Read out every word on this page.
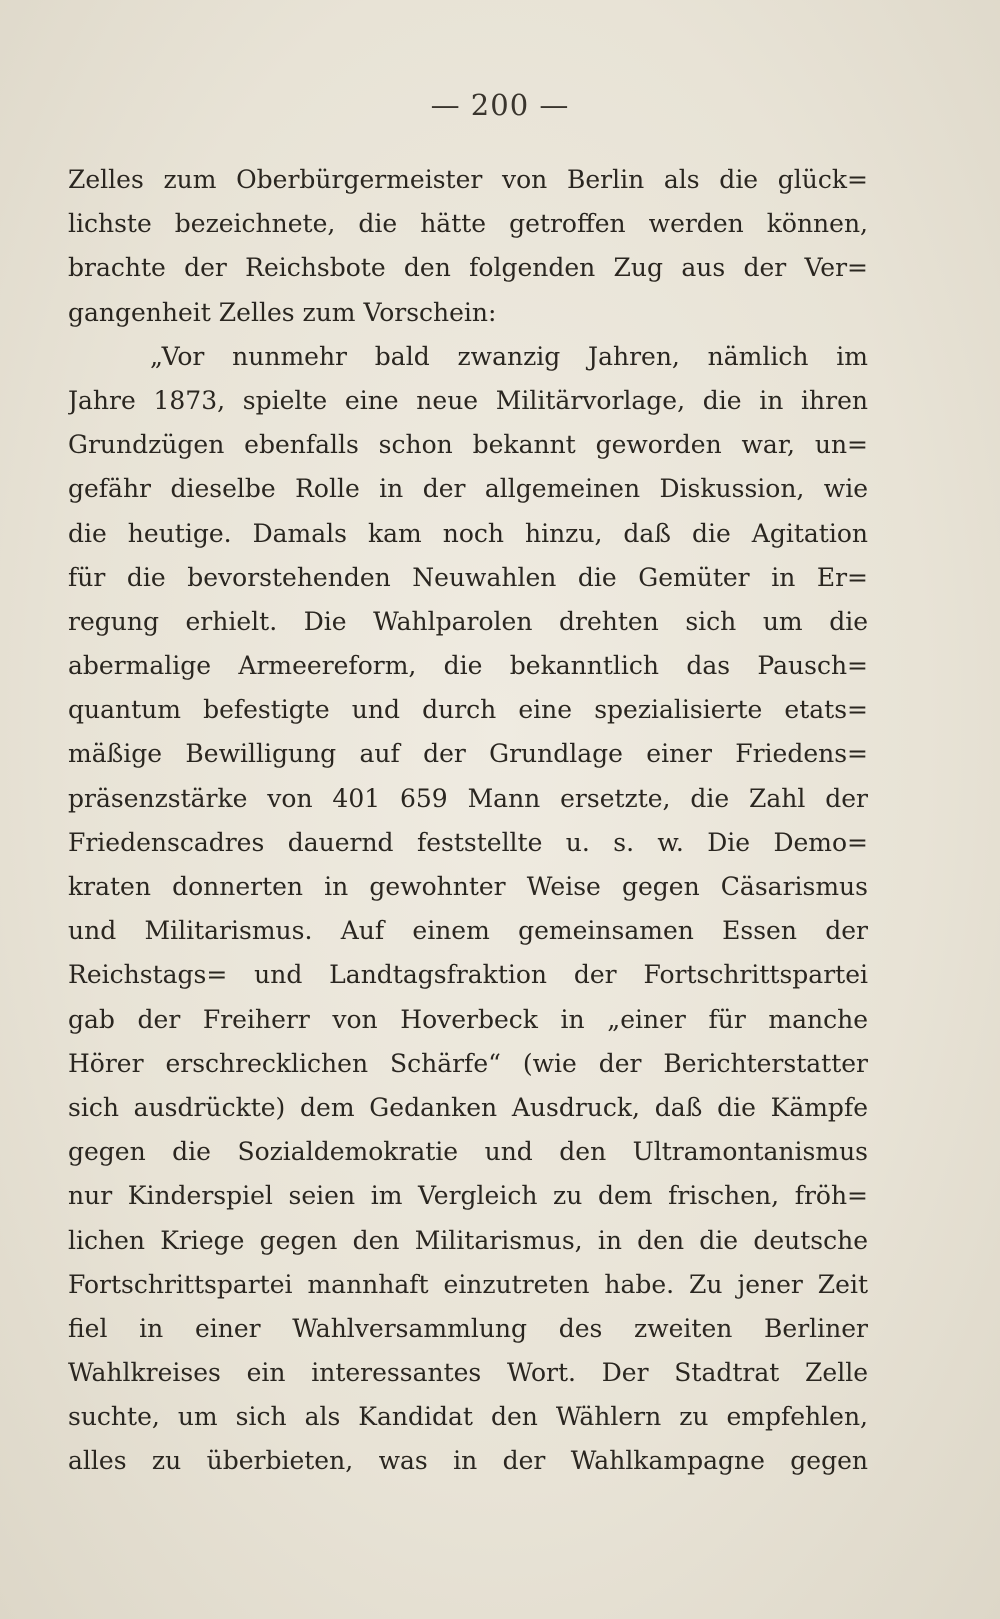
— 200 —
Zelles zum Oberbürgermeister von Berlin als die glück=
lichste bezeichnete, die hätte getroffen werden können,
brachte der Reichsbote den folgenden Zug aus der Ver=
gangenheit Zelles zum Vorschein:
„Vor nunmehr bald zwanzig Jahren, nämlich im
Jahre 1873, spielte eine neue Militärvorlage, die in ihren
Grundzügen ebenfalls schon bekannt geworden war, un=
gefähr dieselbe Rolle in der allgemeinen Diskussion, wie
die heutige. Damals kam noch hinzu, daß die Agitation
für die bevorstehenden Neuwahlen die Gemüter in Er=
regung erhielt. Die Wahlparolen drehten sich um die
abermalige Armeereform, die bekanntlich das Pausch=
quantum befestigte und durch eine spezialisierte etats=
mäßige Bewilligung auf der Grundlage einer Friedens=
präsenzstärke von 401 659 Mann ersetzte, die Zahl der
Friedenscadres dauernd feststellte u. s. w. Die Demo=
kraten donnerten in gewohnter Weise gegen Cäsarismus
und Militarismus. Auf einem gemeinsamen Essen der
Reichstags= und Landtagsfraktion der Fortschrittspartei
gab der Freiherr von Hoverbeck in „einer für manche
Hörer erschrecklichen Schärfe“ (wie der Berichterstatter
sich ausdrückte) dem Gedanken Ausdruck, daß die Kämpfe
gegen die Sozialdemokratie und den Ultramontanismus
nur Kinderspiel seien im Vergleich zu dem frischen, fröh=
lichen Kriege gegen den Militarismus, in den die deutsche
Fortschrittspartei mannhaft einzutreten habe. Zu jener Zeit
fiel in einer Wahlversammlung des zweiten Berliner
Wahlkreises ein interessantes Wort. Der Stadtrat Zelle
suchte, um sich als Kandidat den Wählern zu empfehlen,
alles zu überbieten, was in der Wahlkampagne gegen
